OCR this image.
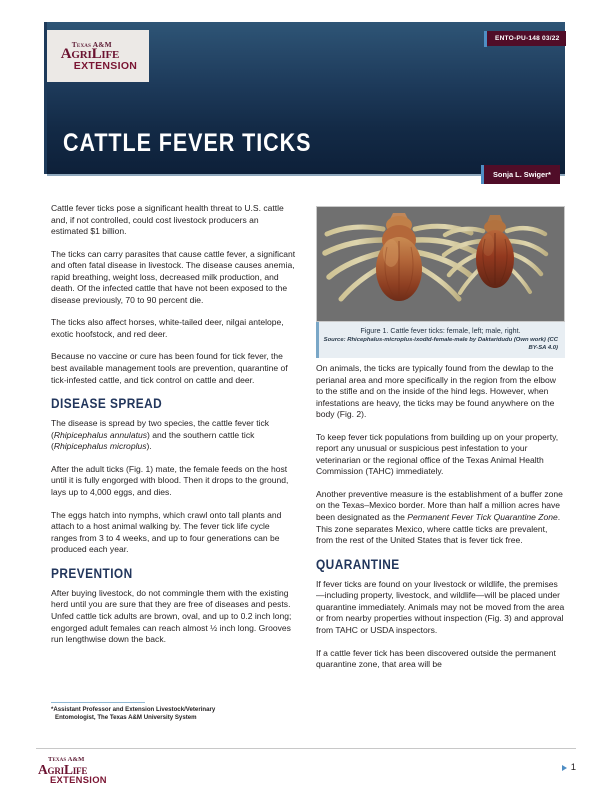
Texas A&M
AgriLife
EXTENSION
ENTO-PU-148 03/22
CATTLE FEVER TICKS
Sonja L. Swiger*

Figure 1. Cattle fever ticks: female, left; male, right.

Source: Rhicephalus-microplus-ixodid-female-male by Daktaridudu (Own work) (CC BY-SA 4.0)

Cattle fever ticks pose a significant health threat to U.S. cattle and, if not controlled, could cost livestock producers an estimated $1 billion.

The ticks can carry parasites that cause cattle fever, a significant and often fatal disease in livestock. The disease causes anemia, rapid breathing, weight loss, decreased milk production, and death. Of the infected cattle that have not been exposed to the disease previously, 70 to 90 percent die.

The ticks also affect horses, white-tailed deer, nilgai antelope, exotic hoofstock, and red deer.

Because no vaccine or cure has been found for tick fever, the best available management tools are prevention, quarantine of tick-infested cattle, and tick control on cattle and deer.

DISEASE SPREAD

The disease is spread by two species, the cattle fever tick (Rhipicephalus annulatus) and the southern cattle tick (Rhipicephalus microplus).

After the adult ticks (Fig. 1) mate, the female feeds on the host until it is fully engorged with blood. Then it drops to the ground, lays up to 4,000 eggs, and dies.

The eggs hatch into nymphs, which crawl onto tall plants and attach to a host animal walking by. The fever tick life cycle ranges from 3 to 4 weeks, and up to four generations can be produced each year.

PREVENTION

After buying livestock, do not commingle them with the existing herd until you are sure that they are free of diseases and pests. Unfed cattle tick adults are brown, oval, and up to 0.2 inch long; engorged adult females can reach almost ½ inch long. Grooves run lengthwise down the back.

On animals, the ticks are typically found from the dewlap to the perianal area and more specifically in the region from the elbow to the stifle and on the inside of the hind legs. However, when infestations are heavy, the ticks may be found anywhere on the body (Fig. 2).

To keep fever tick populations from building up on your property, report any unusual or suspicious pest infestation to your veterinarian or the regional office of the Texas Animal Health Commission (TAHC) immediately.

Another preventive measure is the establishment of a buffer zone on the Texas–Mexico border. More than half a million acres have been designated as the Permanent Fever Tick Quarantine Zone. This zone separates Mexico, where cattle ticks are prevalent, from the rest of the United States that is fever tick free.

QUARANTINE

If fever ticks are found on your livestock or wildlife, the premises—including property, livestock, and wildlife—will be placed under quarantine immediately. Animals may not be moved from the area or from nearby properties without inspection (Fig. 3) and approval from TAHC or USDA inspectors.

If a cattle fever tick has been discovered outside the permanent quarantine zone, that area will be

*Assistant Professor and Extension Livestock/Veterinary
Entomologist, The Texas A&M University System
Texas A&M
AgriLife
EXTENSION
1
